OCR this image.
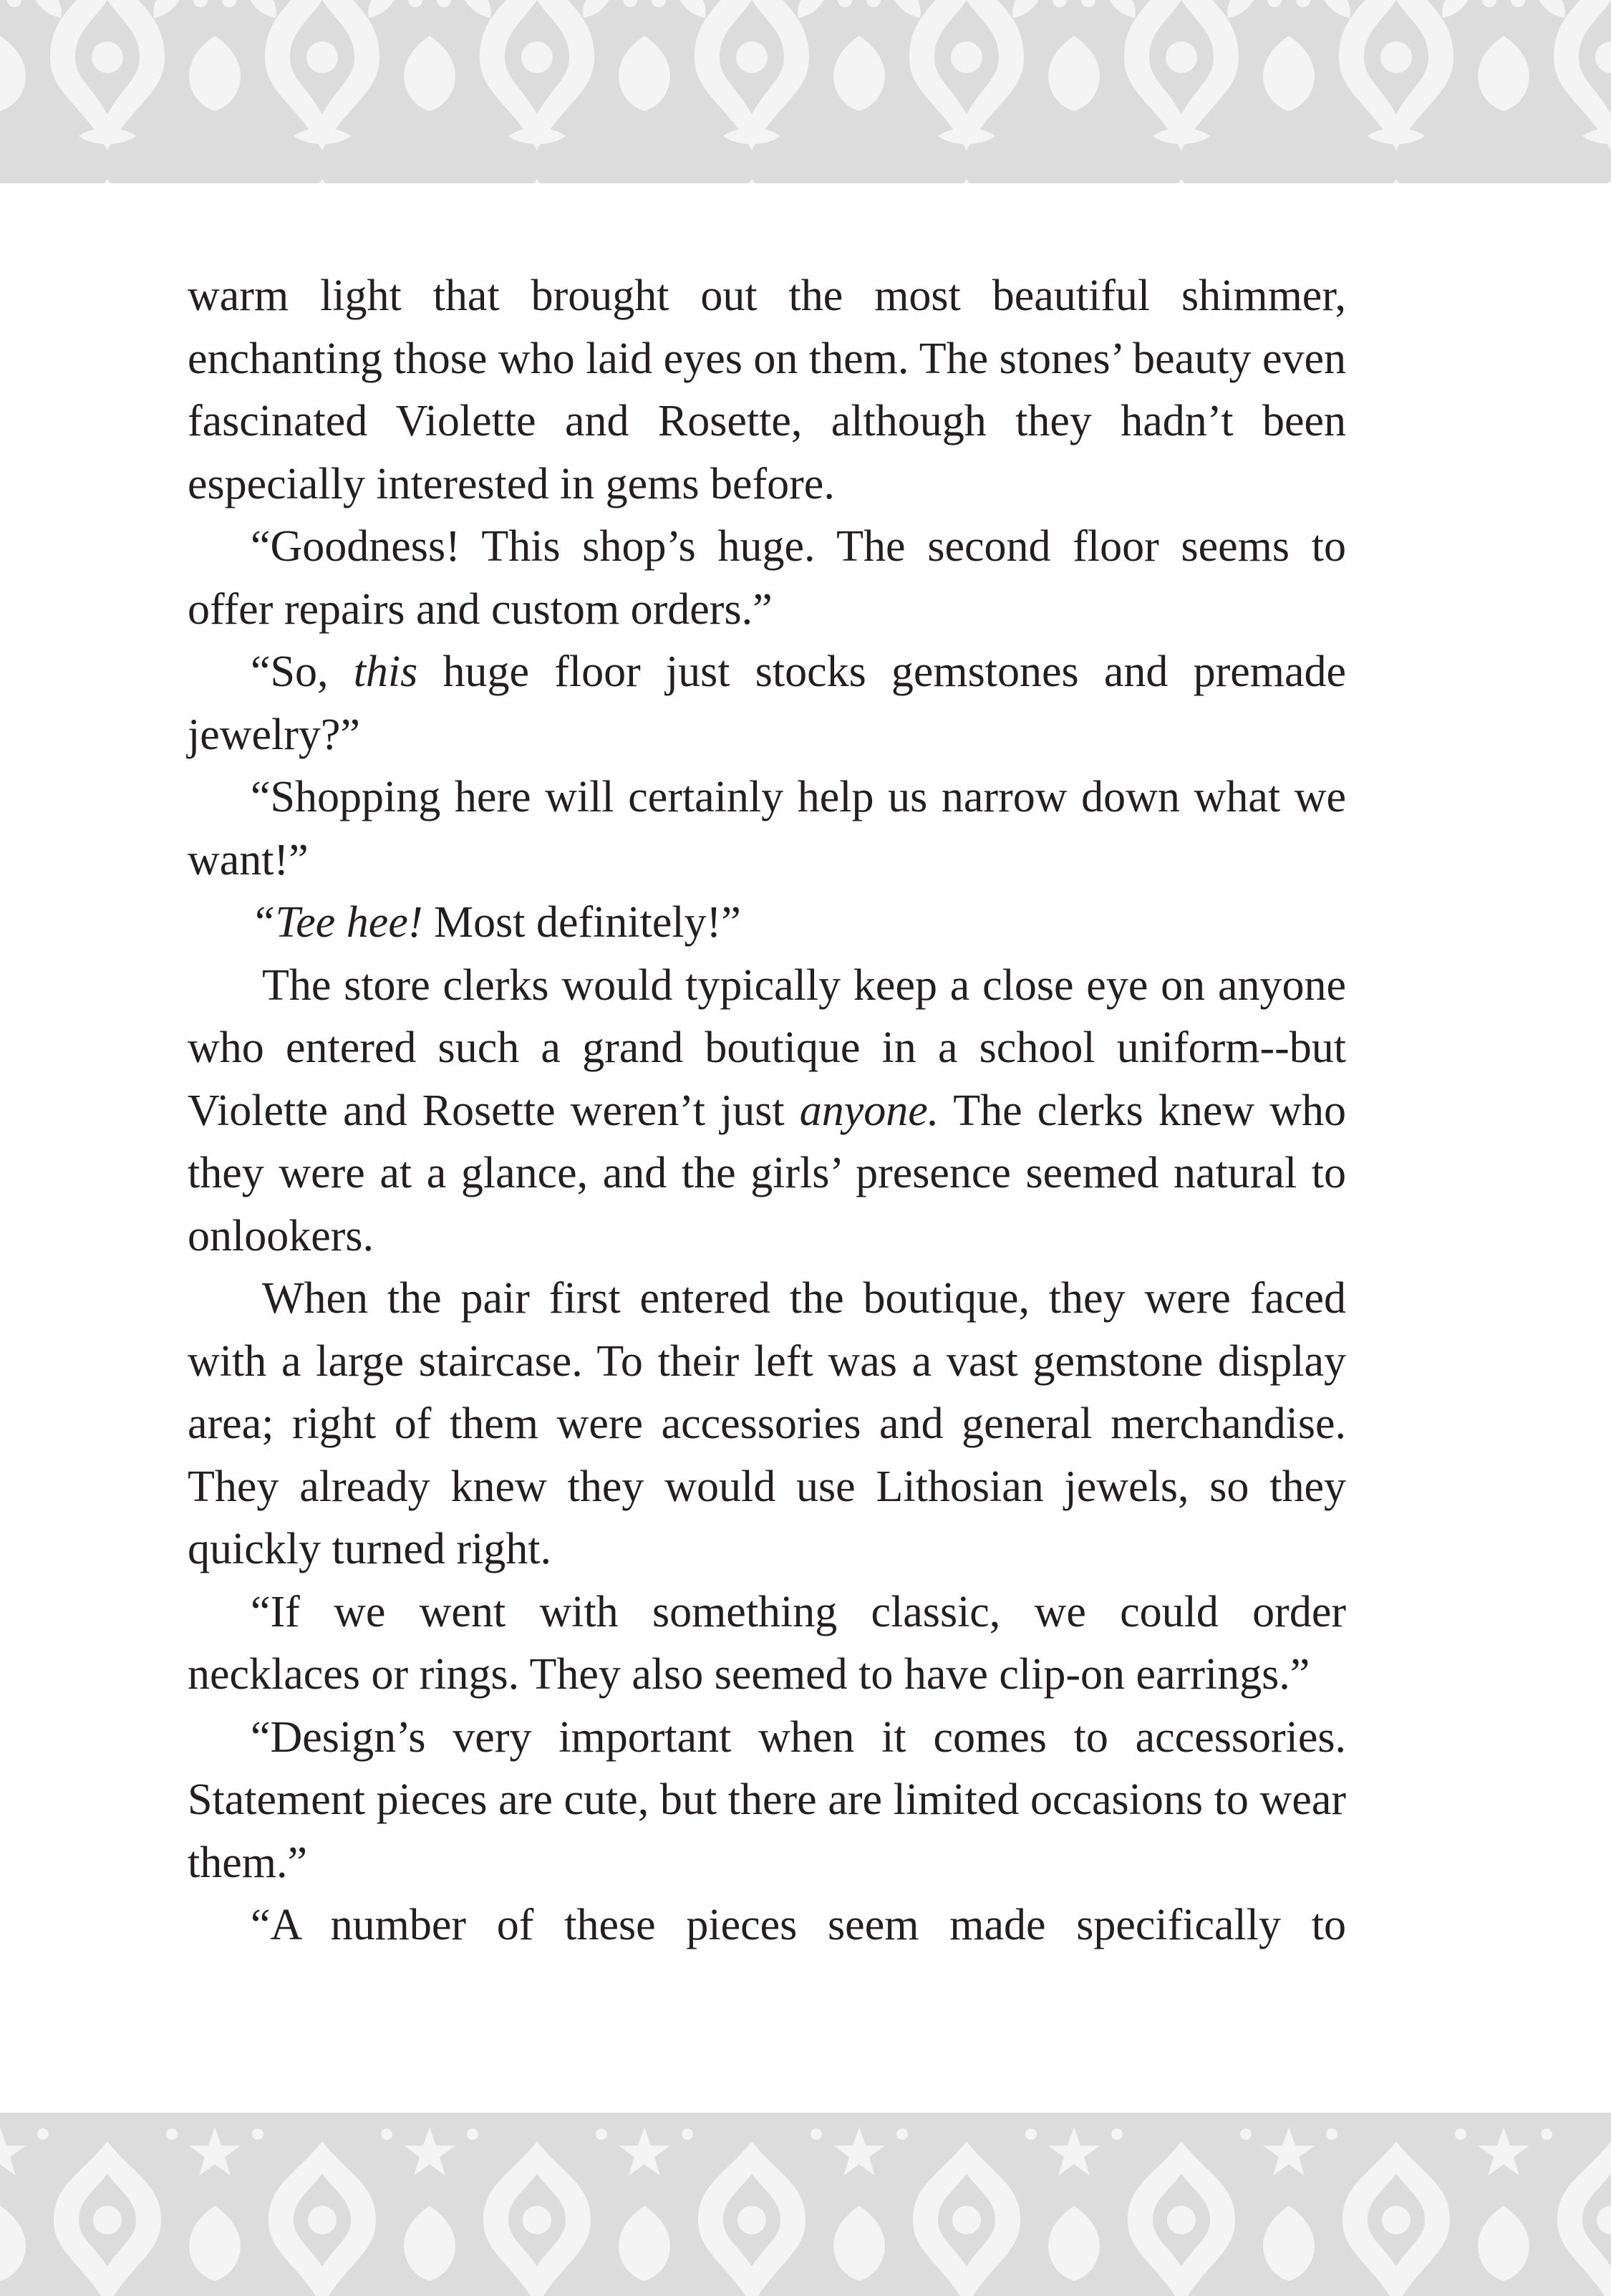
warm light that brought out the most beautiful shimmer, enchanting those who laid eyes on them. The stones’ beauty even fascinated Violette and Rosette, although they hadn’t been especially interested in gems before.

“Goodness! This shop’s huge. The second floor seems to offer repairs and custom orders.”

“So, this huge floor just stocks gemstones and premade jewelry?”

“Shopping here will certainly help us narrow down what we want!”

“Tee hee! Most definitely!”

The store clerks would typically keep a close eye on anyone who entered such a grand boutique in a school uniform--but Violette and Rosette weren’t just anyone. The clerks knew who they were at a glance, and the girls’ presence seemed natural to onlookers.

When the pair first entered the boutique, they were faced with a large staircase. To their left was a vast gemstone display area; right of them were accessories and general merchandise. They already knew they would use Lithosian jewels, so they quickly turned right.

“If we went with something classic, we could order necklaces or rings. They also seemed to have clip-on earrings.”

“Design’s very important when it comes to accessories. Statement pieces are cute, but there are limited occasions to wear them.”

“A number of these pieces seem made specifically to
